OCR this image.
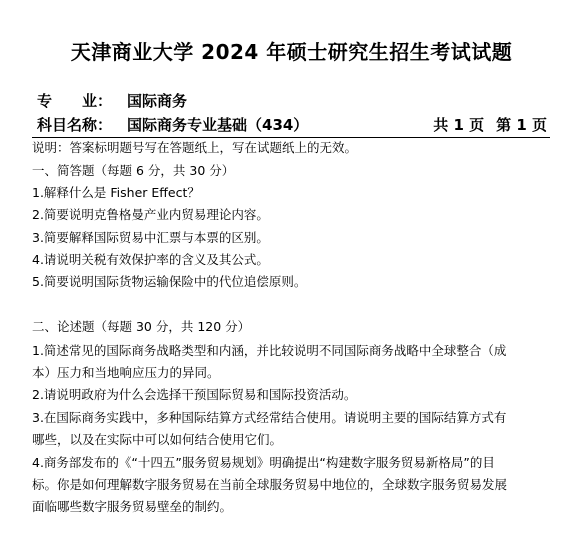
天津商业大学 2024 年硕士研究生招生考试试题
专　　业： 国际商务
科目名称： 国际商务专业基础（434）	共 1 页 第 1 页
说明：答案标明题号写在答题纸上，写在试题纸上的无效。
一、简答题（每题 6 分，共 30 分）
1.解释什么是 Fisher Effect？
2.简要说明克鲁格曼产业内贸易理论内容。
3.简要解释国际贸易中汇票与本票的区别。
4.请说明关税有效保护率的含义及其公式。
5.简要说明国际货物运输保险中的代位追偿原则。
二、论述题（每题 30 分，共 120 分）
1.简述常见的国际商务战略类型和内涵，并比较说明不同国际商务战略中全球整合（成
本）压力和当地响应压力的异同。
2.请说明政府为什么会选择干预国际贸易和国际投资活动。
3.在国际商务实践中，多种国际结算方式经常结合使用。请说明主要的国际结算方式有
哪些，以及在实际中可以如何结合使用它们。
4.商务部发布的《“十四五”服务贸易规划》明确提出“构建数字服务贸易新格局”的目
标。你是如何理解数字服务贸易在当前全球服务贸易中地位的，全球数字服务贸易发展
面临哪些数字服务贸易壁垒的制约。
